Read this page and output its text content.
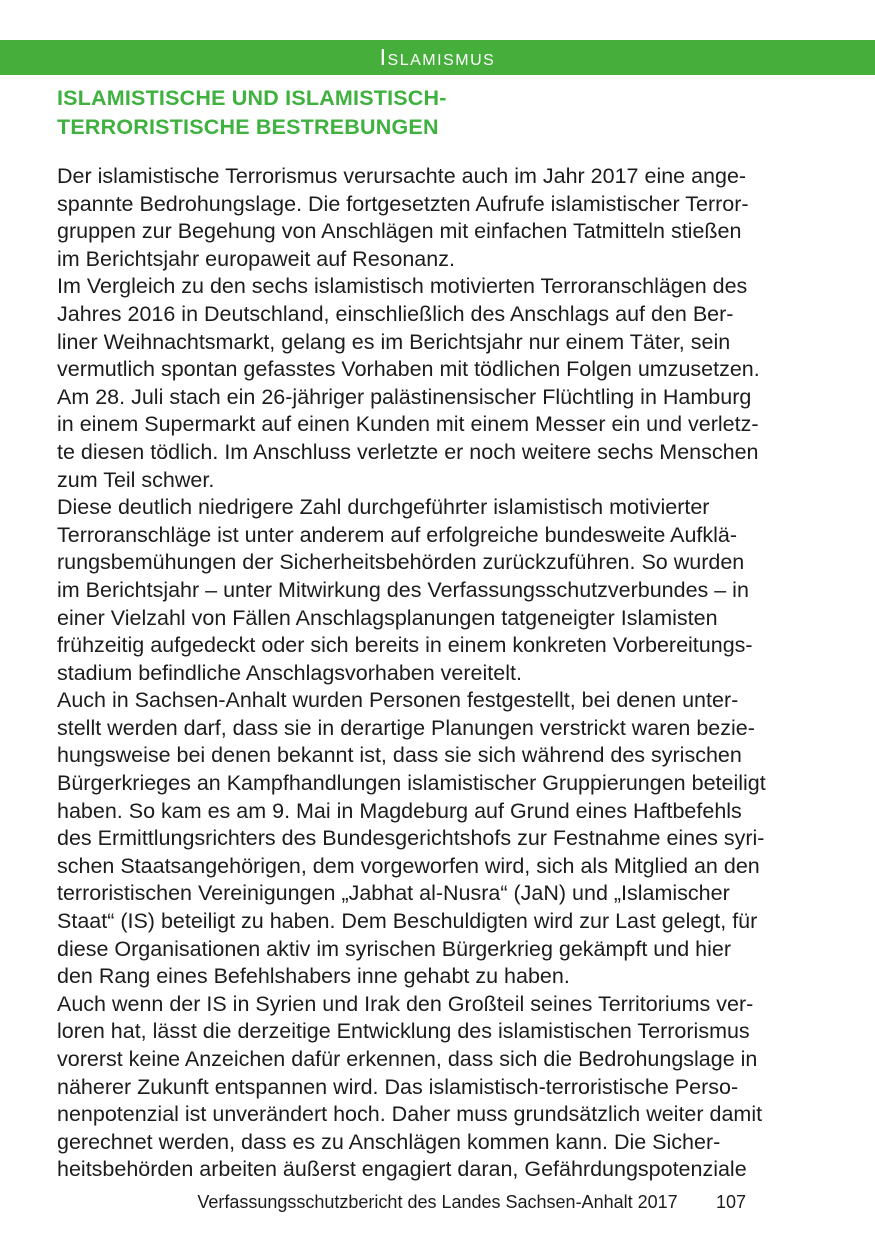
Islamismus
ISLAMISTISCHE UND ISLAMISTISCH-
TERRORISTISCHE BESTREBUNGEN
Der islamistische Terrorismus verursachte auch im Jahr 2017 eine ange-
spannte Bedrohungslage. Die fortgesetzten Aufrufe islamistischer Terror-
gruppen zur Begehung von Anschlägen mit einfachen Tatmitteln stießen
im Berichtsjahr europaweit auf Resonanz.
Im Vergleich zu den sechs islamistisch motivierten Terroranschlägen des
Jahres 2016 in Deutschland, einschließlich des Anschlags auf den Ber-
liner Weihnachtsmarkt, gelang es im Berichtsjahr nur einem Täter, sein
vermutlich spontan gefasstes Vorhaben mit tödlichen Folgen umzusetzen.
Am 28. Juli stach ein 26-jähriger palästinensischer Flüchtling in Hamburg
in einem Supermarkt auf einen Kunden mit einem Messer ein und verletz-
te diesen tödlich. Im Anschluss verletzte er noch weitere sechs Menschen
zum Teil schwer.
Diese deutlich niedrigere Zahl durchgeführter islamistisch motivierter
Terroranschläge ist unter anderem auf erfolgreiche bundesweite Aufklä-
rungsbemühungen der Sicherheitsbehörden zurückzuführen. So wurden
im Berichtsjahr – unter Mitwirkung des Verfassungsschutzverbundes – in
einer Vielzahl von Fällen Anschlagsplanungen tatgeneigter Islamisten
frühzeitig aufgedeckt oder sich bereits in einem konkreten Vorbereitungs-
stadium befindliche Anschlagsvorhaben vereitelt.
Auch in Sachsen-Anhalt wurden Personen festgestellt, bei denen unter-
stellt werden darf, dass sie in derartige Planungen verstrickt waren bezie-
hungsweise bei denen bekannt ist, dass sie sich während des syrischen
Bürgerkrieges an Kampfhandlungen islamistischer Gruppierungen beteiligt
haben. So kam es am 9. Mai in Magdeburg auf Grund eines Haftbefehls
des Ermittlungsrichters des Bundesgerichtshofs zur Festnahme eines syri-
schen Staatsangehörigen, dem vorgeworfen wird, sich als Mitglied an den
terroristischen Vereinigungen „Jabhat al-Nusra“ (JaN) und „Islamischer
Staat“ (IS) beteiligt zu haben. Dem Beschuldigten wird zur Last gelegt, für
diese Organisationen aktiv im syrischen Bürgerkrieg gekämpft und hier
den Rang eines Befehlshabers inne gehabt zu haben.
Auch wenn der IS in Syrien und Irak den Großteil seines Territoriums ver-
loren hat, lässt die derzeitige Entwicklung des islamistischen Terrorismus
vorerst keine Anzeichen dafür erkennen, dass sich die Bedrohungslage in
näherer Zukunft entspannen wird. Das islamistisch-terroristische Perso-
nenpotenzial ist unverändert hoch. Daher muss grundsätzlich weiter damit
gerechnet werden, dass es zu Anschlägen kommen kann. Die Sicher-
heitsbehörden arbeiten äußerst engagiert daran, Gefährdungspotenziale
Verfassungsschutzbericht des Landes Sachsen-Anhalt 2017	107
